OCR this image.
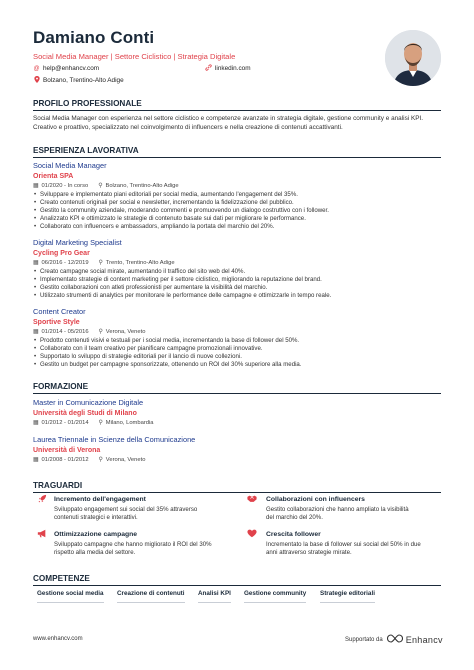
Damiano Conti
Social Media Manager | Settore Ciclistico | Strategia Digitale
@ help@enhancv.com	linkedin.com
Bolzano, Trentino-Alto Adige
PROFILO PROFESSIONALE
Social Media Manager con esperienza nel settore ciclistico e competenze avanzate in strategia digitale, gestione community e analisi KPI.
Creativo e proattivo, specializzato nel coinvolgimento di influencers e nella creazione di contenuti accattivanti.
ESPERIENZA LAVORATIVA
Social Media Manager
Orienta SPA
▦ 01/2020 - In corso ⚲ Bolzano, Trentino-Alto Adige
• Sviluppare e implementato piani editoriali per social media, aumentando l'engagement del 35%.
• Creato contenuti originali per social e newsletter, incrementando la fidelizzazione del pubblico.
• Gestito la community aziendale, moderando commenti e promuovendo un dialogo costruttivo con i follower.
• Analizzato KPI e ottimizzato le strategie di contenuto basate sui dati per migliorare le performance.
• Collaborato con influencers e ambassadors, ampliando la portata del marchio del 20%.
Digital Marketing Specialist
Cycling Pro Gear
▦ 06/2016 - 12/2019 ⚲ Trento, Trentino-Alto Adige
• Creato campagne social mirate, aumentando il traffico del sito web del 40%.
• Implementato strategie di content marketing per il settore ciclistico, migliorando la reputazione del brand.
• Gestito collaborazioni con atleti professionisti per aumentare la visibilità del marchio.
• Utilizzato strumenti di analytics per monitorare le performance delle campagne e ottimizzarle in tempo reale.
Content Creator
Sportive Style
▦ 01/2014 - 05/2016 ⚲ Verona, Veneto
• Prodotto contenuti visivi e testuali per i social media, incrementando la base di follower del 50%.
• Collaborato con il team creativo per pianificare campagne promozionali innovative.
• Supportato lo sviluppo di strategie editoriali per il lancio di nuove collezioni.
• Gestito un budget per campagne sponsorizzate, ottenendo un ROI del 30% superiore alla media.
FORMAZIONE
Master in Comunicazione Digitale
Università degli Studi di Milano
▦ 01/2012 - 01/2014 ⚲ Milano, Lombardia
Laurea Triennale in Scienze della Comunicazione
Università di Verona
▦ 01/2008 - 01/2012 ⚲ Verona, Veneto
TRAGUARDI
Incremento dell'engagement
Sviluppato engagement sui social del 35% attraverso
contenuti strategici e interattivi.
Collaborazioni con influencers
Gestito collaborazioni che hanno ampliato la visibilità
del marchio del 20%.
Ottimizzazione campagne
Sviluppato campagne che hanno migliorato il ROI del 30%
rispetto alla media del settore.
Crescita follower
Incrementato la base di follower sui social del 50% in due
anni attraverso strategie mirate.
COMPETENZE
Gestione social media Creazione di contenuti Analisi KPI Gestione community Strategie editoriali
www.enhancv.com	Supportato da	Enhancv
